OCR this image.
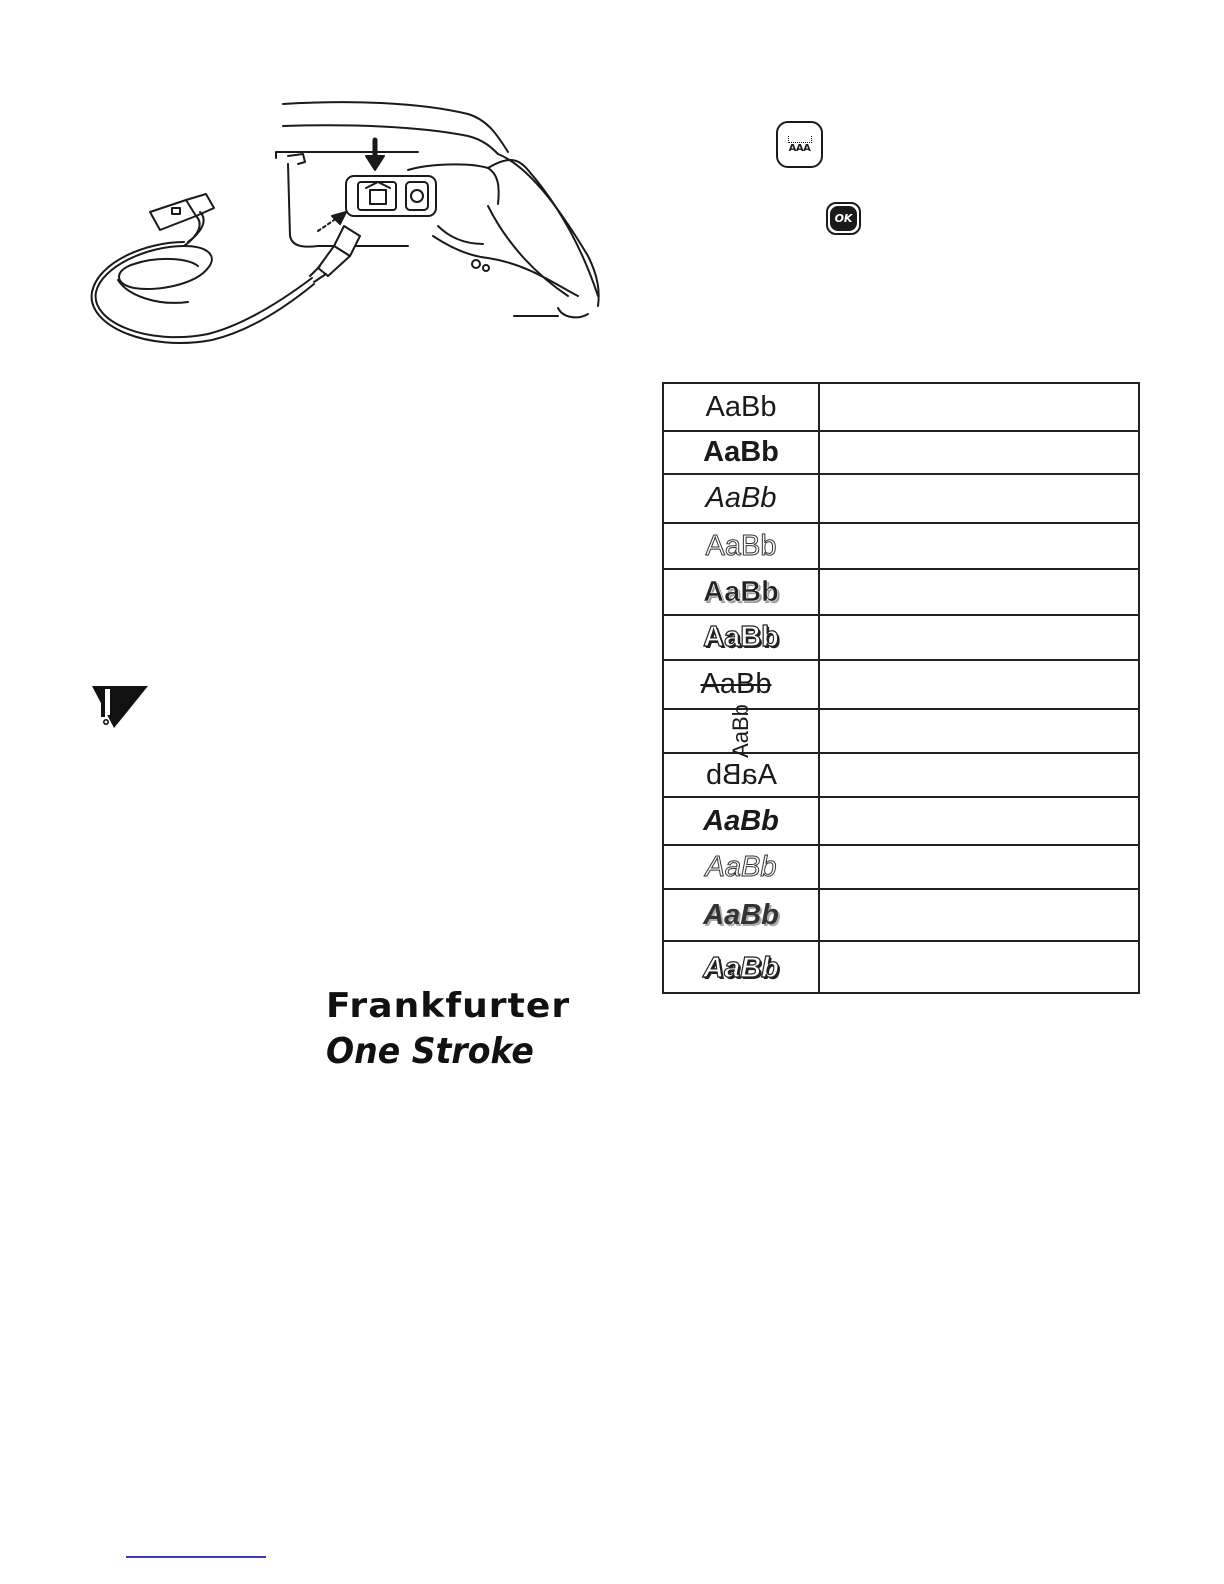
AAA
OK
Frankfurter
One Stroke
AaBb
AaBb
AaBb
AaBb
AaBb
AaBb
AaBb
AaBb
AaBb
AaBb
AaBb
AaBb
AaBb
